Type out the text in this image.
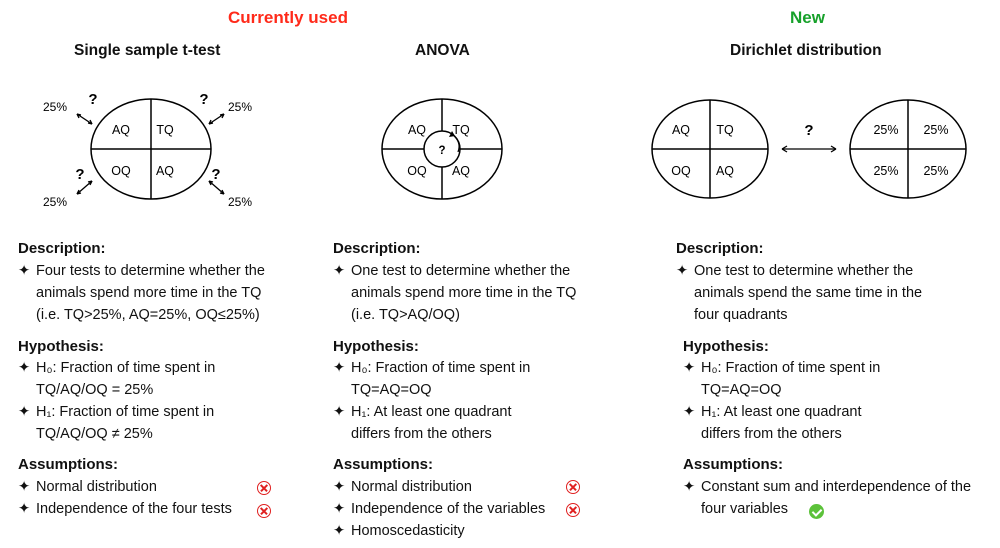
Currently used	New
Single sample t-test	ANOVA	Dirichlet distribution
AQ TQ
OQ AQ
?	?
?	?
25%	25%
25%	25%
?
AQ TQ
OQ AQ
AQ TQ
OQ AQ
?	25% 25%
25% 25%
Description:
✦ Four tests to determine whether the
animals spend more time in the TQ
(i.e. TQ>25%, AQ=25%, OQ≤25%)
Hypothesis:
✦ H₀: Fraction of time spent in
TQ/AQ/OQ = 25%
✦ H₁: Fraction of time spent in
TQ/AQ/OQ ≠ 25%
Assumptions:
✦ Normal distribution
✦ Independence of the four tests
Description:
✦ One test to determine whether the
animals spend more time in the TQ
(i.e. TQ>AQ/OQ)
Hypothesis:
✦ H₀: Fraction of time spent in
TQ=AQ=OQ
✦ H₁: At least one quadrant
differs from the others
Assumptions:
✦ Normal distribution
✦ Independence of the variables
✦ Homoscedasticity
Description:
✦ One test to determine whether the
animals spend the same time in the
four quadrants
Hypothesis:
✦ H₀: Fraction of time spent in
TQ=AQ=OQ
✦ H₁: At least one quadrant
differs from the others
Assumptions:
✦ Constant sum and interdependence of the
four variables
